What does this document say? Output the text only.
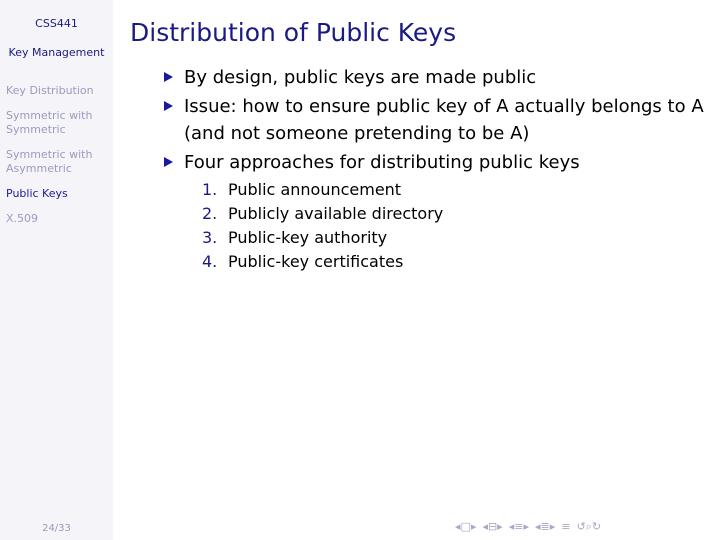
CSS441
Key Management
Key Distribution
Symmetric with Symmetric
Symmetric with Asymmetric
Public Keys
X.509
24/33
Distribution of Public Keys
By design, public keys are made public
Issue: how to ensure public key of A actually belongs to A (and not someone pretending to be A)
Four approaches for distributing public keys
1. Public announcement
2. Publicly available directory
3. Public-key authority
4. Public-key certificates
◂□▸ ◂⊟▸ ◂≡▸ ◂≣▸ ≡ ↺⌕↻
